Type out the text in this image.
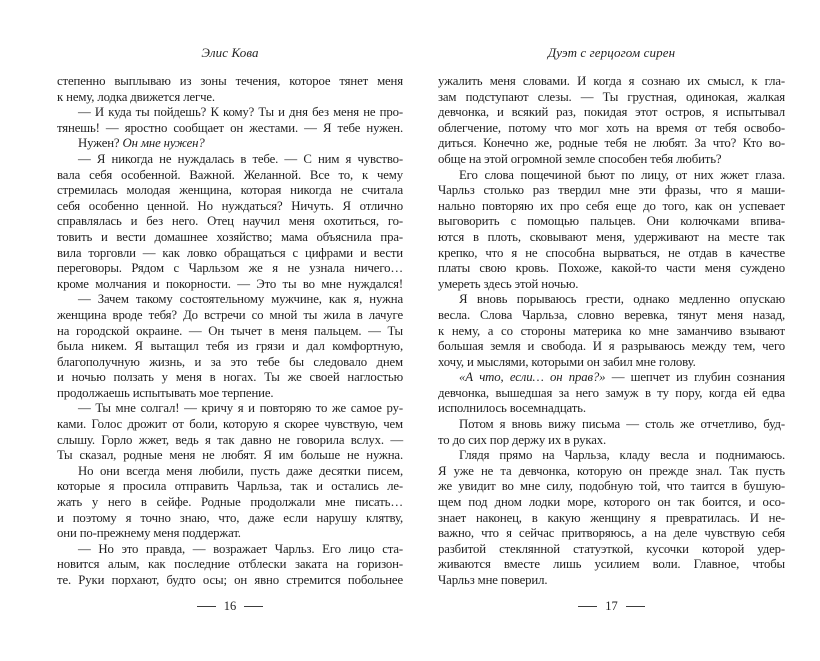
Элис Кова
степенно выплываю из зоны течения, которое тянет меня
к нему, лодка движется легче.
— И куда ты пойдешь? К кому? Ты и дня без меня не про-
тянешь! — яростно сообщает он жестами. — Я тебе нужен.
Нужен? Он мне нужен?
— Я никогда не нуждалась в тебе. — С ним я чувство-
вала себя особенной. Важной. Желанной. Все то, к чему
стремилась молодая женщина, которая никогда не считала
себя особенно ценной. Но нуждаться? Ничуть. Я отлично
справлялась и без него. Отец научил меня охотиться, го-
товить и вести домашнее хозяйство; мама объяснила пра-
вила торговли — как ловко обращаться с цифрами и вести
переговоры. Рядом с Чарльзом же я не узнала ничего…
кроме молчания и покорности. — Это ты во мне нуждался!
— Зачем такому состоятельному мужчине, как я, нужна
женщина вроде тебя? До встречи со мной ты жила в лачуге
на городской окраине. — Он тычет в меня пальцем. — Ты
была никем. Я вытащил тебя из грязи и дал комфортную,
благополучную жизнь, и за это тебе бы следовало днем
и ночью ползать у меня в ногах. Ты же своей наглостью
продолжаешь испытывать мое терпение.
— Ты мне солгал! — кричу я и повторяю то же самое ру-
ками. Голос дрожит от боли, которую я скорее чувствую, чем
слышу. Горло жжет, ведь я так давно не говорила вслух. —
Ты сказал, родные меня не любят. Я им больше не нужна.
Но они всегда меня любили, пусть даже десятки писем,
которые я просила отправить Чарльза, так и остались ле-
жать у него в сейфе. Родные продолжали мне писать…
и поэтому я точно знаю, что, даже если нарушу клятву,
они по-прежнему меня поддержат.
— Но это правда, — возражает Чарльз. Его лицо ста-
новится алым, как последние отблески заката на горизон-
те. Руки порхают, будто осы; он явно стремится побольнее
16
Дуэт с герцогом сирен
ужалить меня словами. И когда я сознаю их смысл, к гла-
зам подступают слезы. — Ты грустная, одинокая, жалкая
девчонка, и всякий раз, покидая этот остров, я испытывал
облегчение, потому что мог хоть на время от тебя освобо-
диться. Конечно же, родные тебя не любят. За что? Кто во-
обще на этой огромной земле способен тебя любить?
Его слова пощечиной бьют по лицу, от них жжет глаза.
Чарльз столько раз твердил мне эти фразы, что я маши-
нально повторяю их про себя еще до того, как он успевает
выговорить с помощью пальцев. Они колючками впива-
ются в плоть, сковывают меня, удерживают на месте так
крепко, что я не способна вырваться, не отдав в качестве
платы свою кровь. Похоже, какой-то части меня суждено
умереть здесь этой ночью.
Я вновь порываюсь грести, однако медленно опускаю
весла. Слова Чарльза, словно веревка, тянут меня назад,
к нему, а со стороны материка ко мне заманчиво взывают
большая земля и свобода. И я разрываюсь между тем, чего
хочу, и мыслями, которыми он забил мне голову.
«А что, если… он прав?» — шепчет из глубин сознания
девчонка, вышедшая за него замуж в ту пору, когда ей едва
исполнилось восемнадцать.
Потом я вновь вижу письма — столь же отчетливо, буд-
то до сих пор держу их в руках.
Глядя прямо на Чарльза, кладу весла и поднимаюсь.
Я уже не та девчонка, которую он прежде знал. Так пусть
же увидит во мне силу, подобную той, что таится в бушую-
щем под дном лодки море, которого он так боится, и осо-
знает наконец, в какую женщину я превратилась. И не-
важно, что я сейчас притворяюсь, а на деле чувствую себя
разбитой стеклянной статуэткой, кусочки которой удер-
живаются вместе лишь усилием воли. Главное, чтобы
Чарльз мне поверил.
17
